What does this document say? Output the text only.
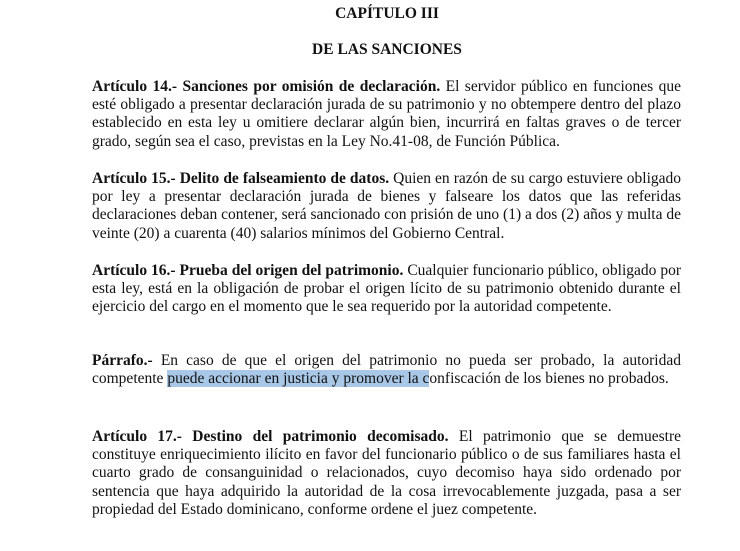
CAPÍTULO III

DE LAS SANCIONES

Artículo 14.- Sanciones por omisión de declaración. El servidor público en funciones que esté obligado a presentar declaración jurada de su patrimonio y no obtempere dentro del plazo establecido en esta ley u omitiere declarar algún bien, incurrirá en faltas graves o de tercer grado, según sea el caso, previstas en la Ley No.41-08, de Función Pública.

Artículo 15.- Delito de falseamiento de datos. Quien en razón de su cargo estuviere obligado por ley a presentar declaración jurada de bienes y falseare los datos que las referidas declaraciones deban contener, será sancionado con prisión de uno (1) a dos (2) años y multa de veinte (20) a cuarenta (40) salarios mínimos del Gobierno Central.

Artículo 16.- Prueba del origen del patrimonio. Cualquier funcionario público, obligado por esta ley, está en la obligación de probar el origen lícito de su patrimonio obtenido durante el ejercicio del cargo en el momento que le sea requerido por la autoridad competente.

Párrafo.- En caso de que el origen del patrimonio no pueda ser probado, la autoridad competente puede accionar en justicia y promover la confiscación de los bienes no probados.

Artículo 17.- Destino del patrimonio decomisado. El patrimonio que se demuestre constituye enriquecimiento ilícito en favor del funcionario público o de sus familiares hasta el cuarto grado de consanguinidad o relacionados, cuyo decomiso haya sido ordenado por sentencia que haya adquirido la autoridad de la cosa irrevocablemente juzgada, pasa a ser propiedad del Estado dominicano, conforme ordene el juez competente.
